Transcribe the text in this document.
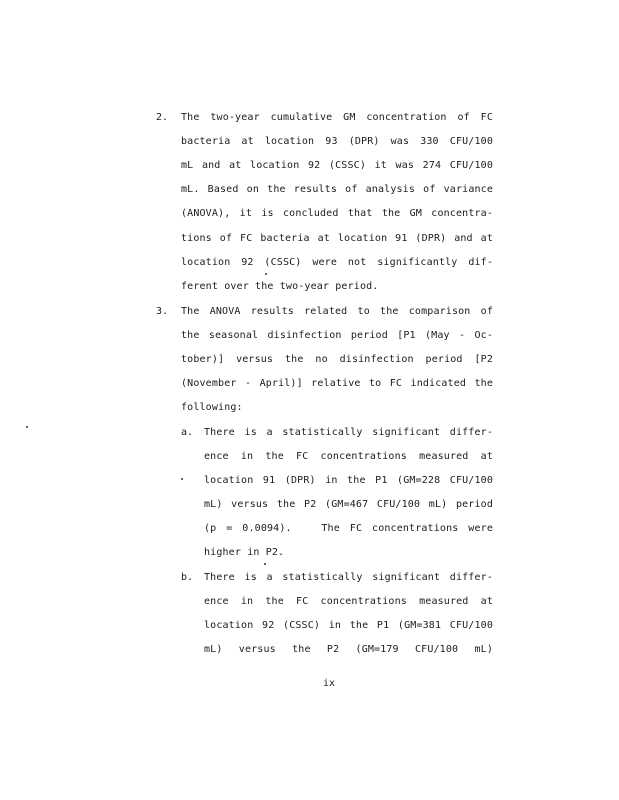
2. The two-year cumulative GM concentration of FC
bacteria at location 93 (DPR) was 330 CFU/100
mL and at location 92 (CSSC) it was 274 CFU/100
mL. Based on the results of analysis of variance
(ANOVA), it is concluded that the GM concentra-
tions of FC bacteria at location 91 (DPR) and at
location 92 (CSSC) were not significantly dif-
ferent over the two-year period.
3. The ANOVA results related to the comparison of
the seasonal disinfection period [P1 (May - Oc-
tober)] versus the no disinfection period [P2
(November - April)] relative to FC indicated the
following:
a. There is a statistically significant differ-
ence in the FC concentrations measured at
location 91 (DPR) in the P1 (GM=228 CFU/100
mL) versus the P2 (GM=467 CFU/100 mL) period
(p = 0.0094).   The FC concentrations were
higher in P2.
b. There is a statistically significant differ-
ence in the FC concentrations measured at
location 92 (CSSC) in the P1 (GM=381 CFU/100
mL)  versus  the  P2  (GM=179  CFU/100  mL)
ix
